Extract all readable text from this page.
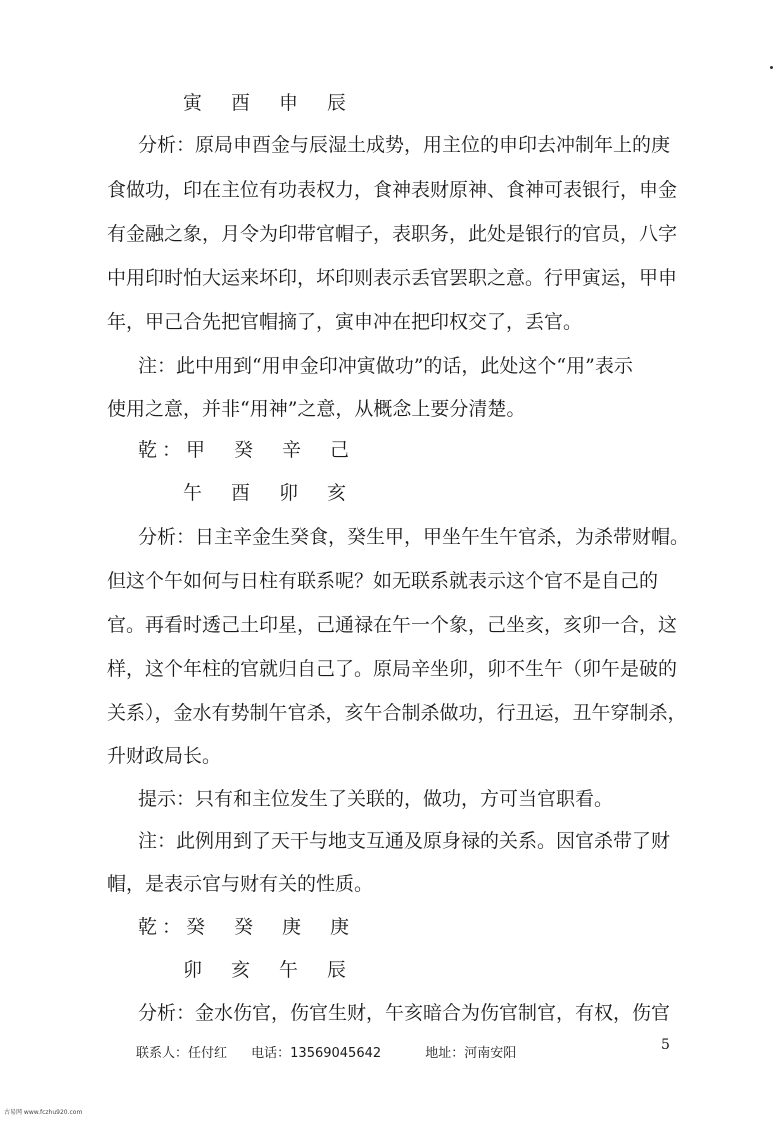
寅　酉　申　辰
分析：原局申酉金与辰湿土成势，用主位的申印去冲制年上的庚
食做功，印在主位有功表权力，食神表财原神、食神可表银行，申金
有金融之象，月令为印带官帽子，表职务，此处是银行的官员，八字
中用印时怕大运来坏印，坏印则表示丢官罢职之意。行甲寅运，甲申
年，甲己合先把官帽摘了，寅申冲在把印权交了，丢官。
注：此中用到“用申金印冲寅做功”的话，此处这个“用”表示
使用之意，并非“用神”之意，从概念上要分清楚。
乾：甲　癸　辛　己
午　酉　卯　亥
分析：日主辛金生癸食，癸生甲，甲坐午生午官杀，为杀带财帽。
但这个午如何与日柱有联系呢？如无联系就表示这个官不是自己的
官。再看时透己土印星，己通禄在午一个象，己坐亥，亥卯一合，这
样，这个年柱的官就归自己了。原局辛坐卯，卯不生午（卯午是破的
关系），金水有势制午官杀，亥午合制杀做功，行丑运，丑午穿制杀，
升财政局长。
提示：只有和主位发生了关联的，做功，方可当官职看。
注：此例用到了天干与地支互通及原身禄的关系。因官杀带了财
帽，是表示官与财有关的性质。
乾：癸　癸　庚　庚
卯　亥　午　辰
分析：金水伤官，伤官生财，午亥暗合为伤官制官，有权，伤官
联系人：任付红 电话：13569045642	地址：河南安阳
5
古易网 www.fczhu920.com
